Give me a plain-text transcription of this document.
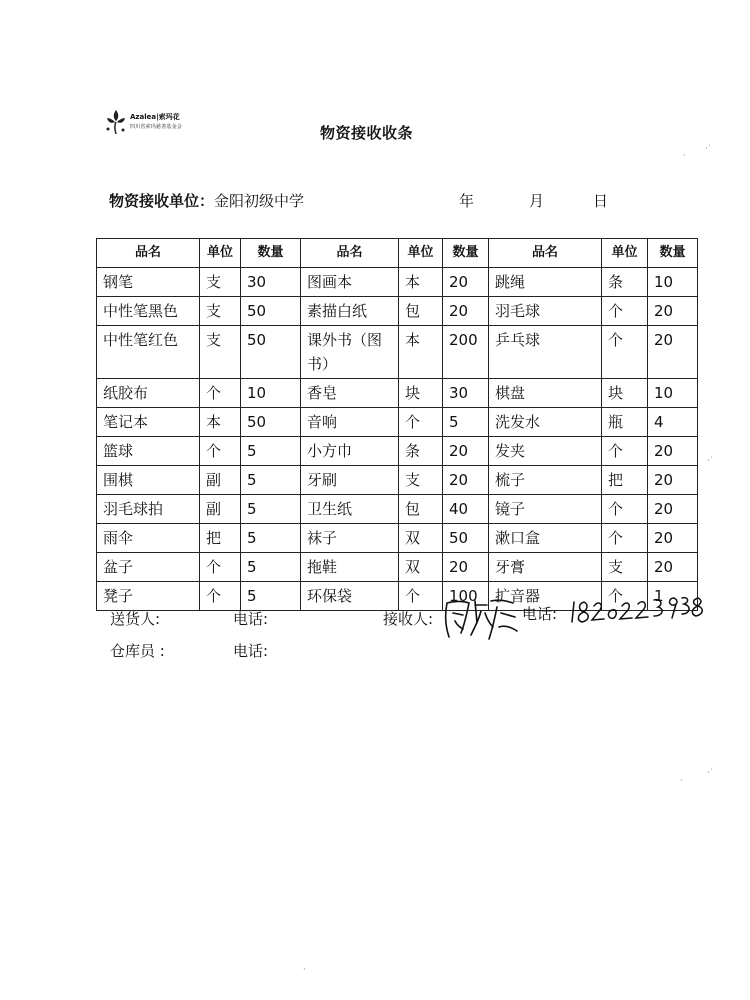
Azalea|索玛花
四川省索玛慈善基金会	物资接收收条
物资接收单位：金阳初级中学	年	月	日
品名	单位	数量	品名	单位	数量	品名	单位	数量
钢笔	支	30	图画本	本	20	跳绳	条	10
中性笔黑色	支	50	素描白纸	包	20	羽毛球	个	20
中性笔红色	支	50	课外书（图书）	本	200	乒乓球	个	20
纸胶布	个	10	香皂	块	30	棋盘	块	10
笔记本	本	50	音响	个	5	洗发水	瓶	4
篮球	个	5	小方巾	条	20	发夹	个	20
围棋	副	5	牙刷	支	20	梳子	把	20
羽毛球拍	副	5	卫生纸	包	40	镜子	个	20
雨伞	把	5	袜子	双	50	漱口盒	个	20
盆子	个	5	拖鞋	双	20	牙膏	支	20
凳子	个	5	环保袋	个	100	扩音器	个	1
送货人:	电话:	接收人:	电话:
仓库员 :	电话:
·˙
·
·˙
·˙
·
·
